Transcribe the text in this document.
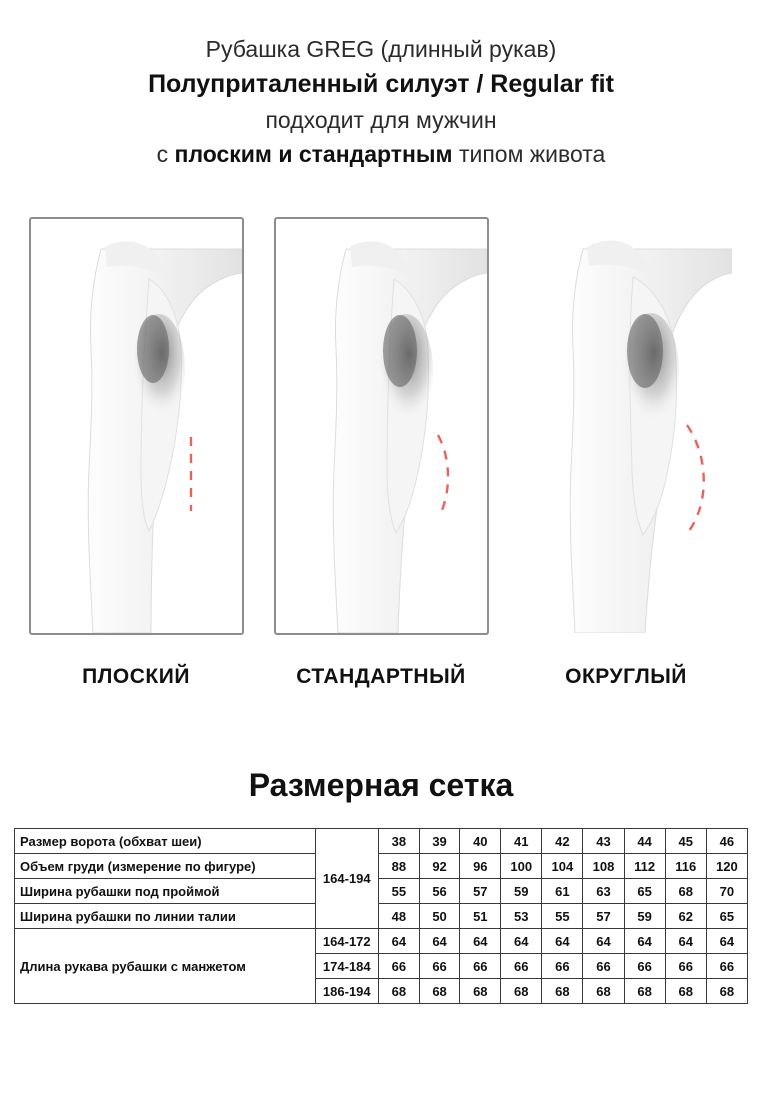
Рубашка GREG (длинный рукав)
Полуприталенный силуэт / Regular fit
подходит для мужчин
с плоским и стандартным типом живота
ПЛОСКИЙ	СТАНДАРТНЫЙ	ОКРУГЛЫЙ
Размерная сетка
Размер ворота (обхват шеи)	164-194	38	39	40	41	42	43	44	45	46
Объем груди (измерение по фигуре)		88	92	96	100	104	108	112	116	120
Ширина рубашки под проймой		55	56	57	59	61	63	65	68	70
Ширина рубашки по линии талии		48	50	51	53	55	57	59	62	65
Длина рукава рубашки с манжетом	164-172	64	64	64	64	64	64	64	64	64
	174-184	66	66	66	66	66	66	66	66	66
	186-194	68	68	68	68	68	68	68	68	68
